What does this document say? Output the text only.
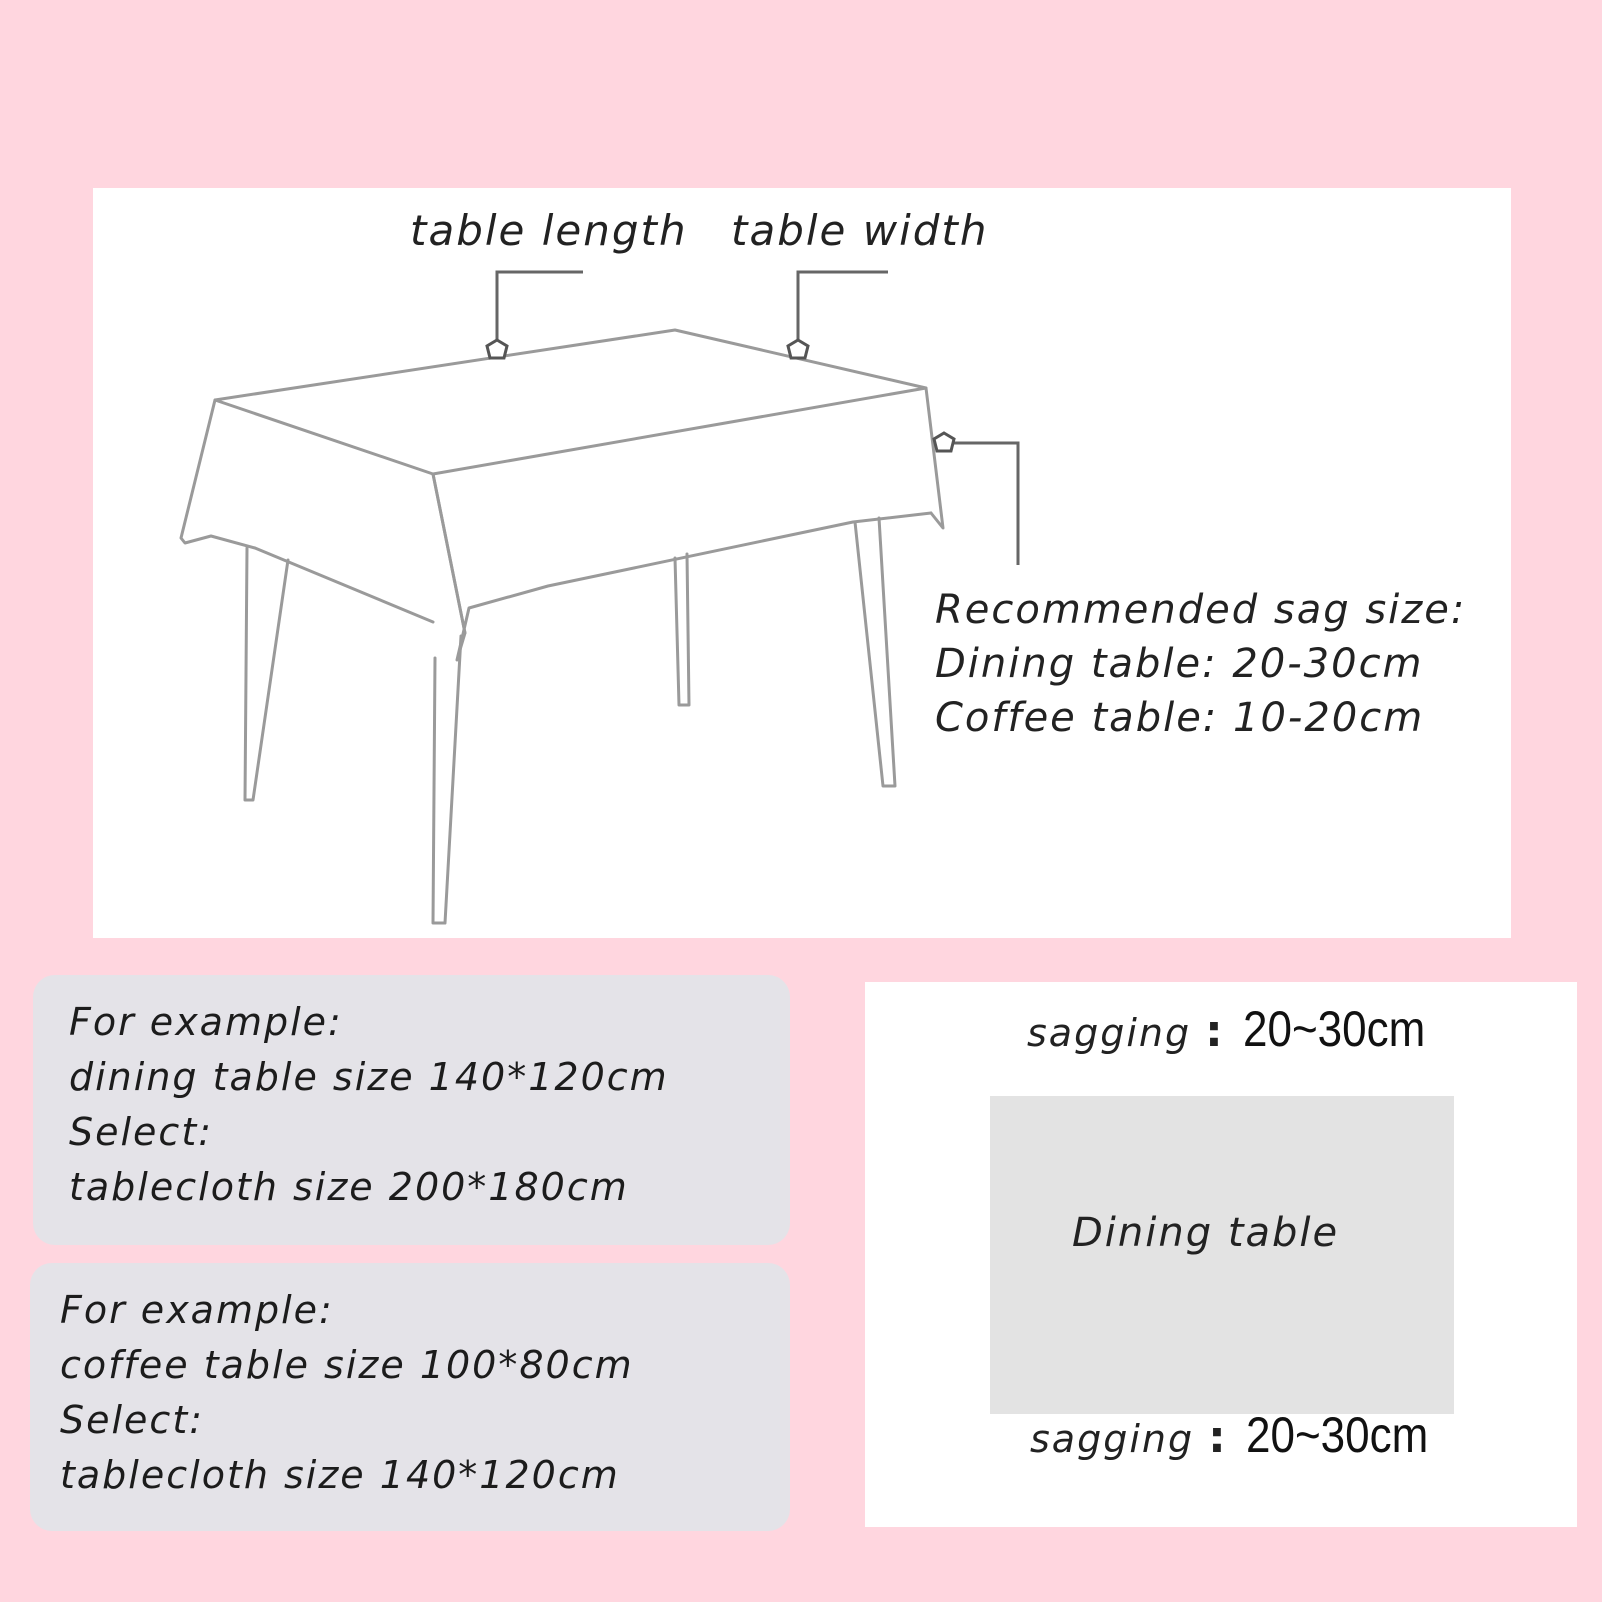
table length table width
Recommended sag size:
Dining table: 20-30cm
Coffee table: 10-20cm
For example:
dining table size 140*120cm
Select:
tablecloth size 200*180cm
For example:
coffee table size 100*80cm
Select:
tablecloth size 140*120cm
sagging : 20~30cm
Dining table
sagging : 20~30cm
